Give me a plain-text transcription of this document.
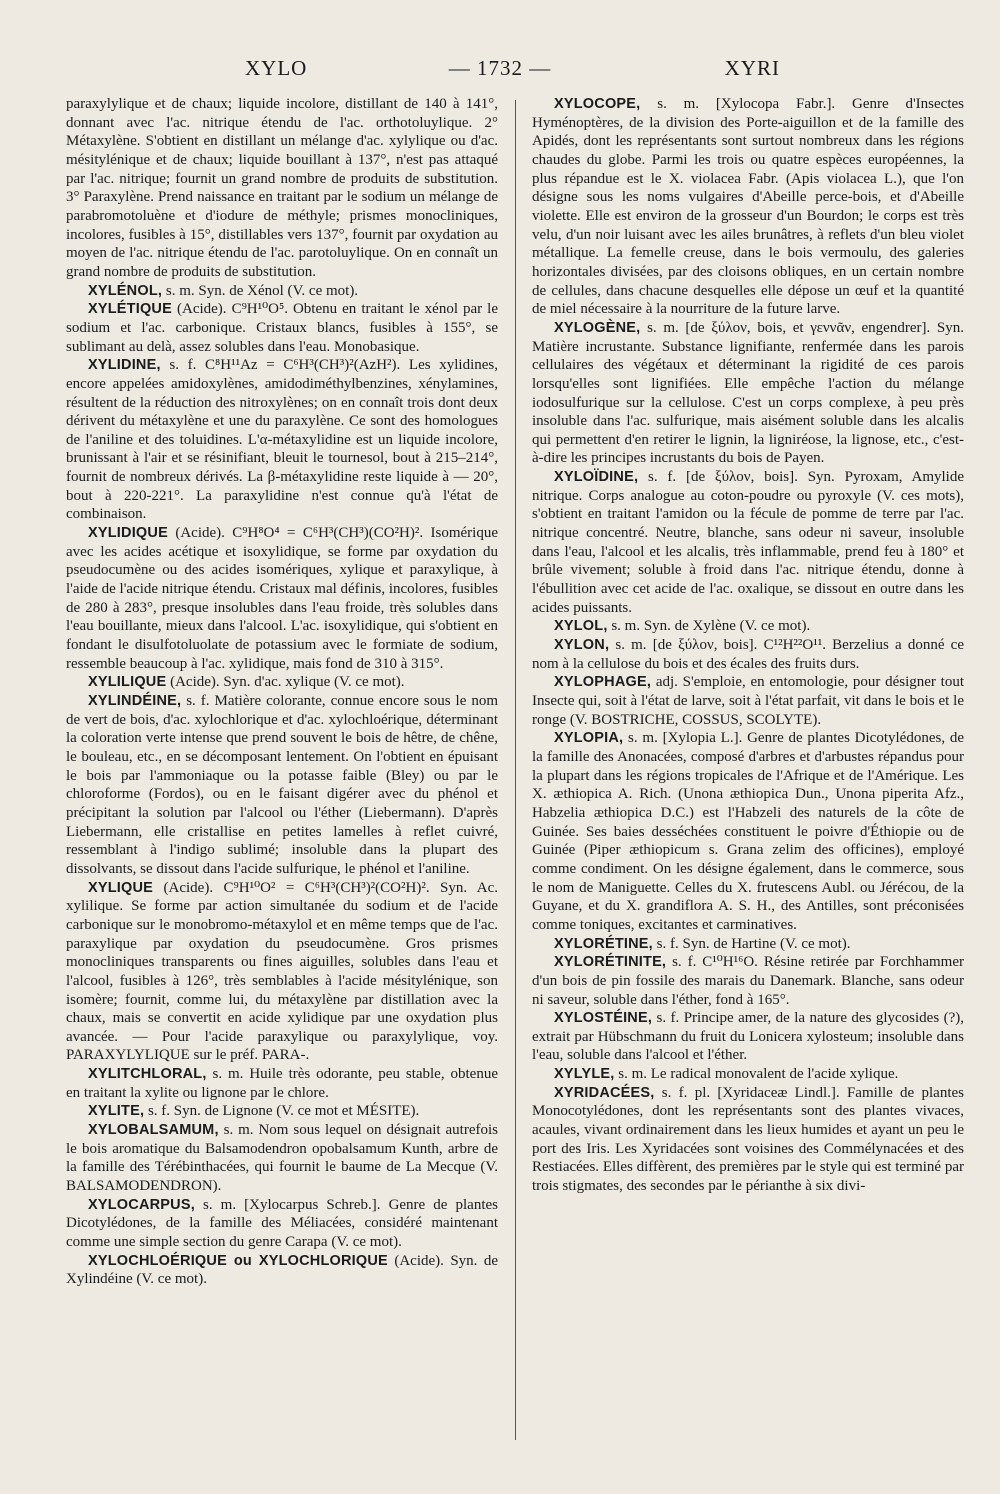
XYLO	— 1732 —	XYRI

paraxylylique et de chaux; liquide incolore, distillant de 140 à 141°, donnant avec l'ac. nitrique étendu de l'ac. orthotoluylique. 2° Métaxylène. S'obtient en distillant un mélange d'ac. xylylique ou d'ac. mésitylénique et de chaux; liquide bouillant à 137°, n'est pas attaqué par l'ac. nitrique; fournit un grand nombre de produits de substitution. 3° Paraxylène. Prend naissance en traitant par le sodium un mélange de parabromotoluène et d'iodure de méthyle; prismes monocliniques, incolores, fusibles à 15°, distillables vers 137°, fournit par oxydation au moyen de l'ac. nitrique étendu de l'ac. parotoluylique. On en connaît un grand nombre de produits de substitution.

XYLÉNOL, s. m. Syn. de Xénol (V. ce mot).

XYLÉTIQUE (Acide). C⁹H¹⁰O⁵. Obtenu en traitant le xénol par le sodium et l'ac. carbonique. Cristaux blancs, fusibles à 155°, se sublimant au delà, assez solubles dans l'eau. Monobasique.

XYLIDINE, s. f. C⁸H¹¹Az = C⁶H³(CH³)²(AzH²). Les xylidines, encore appelées amidoxylènes, amidodiméthylbenzines, xénylamines, résultent de la réduction des nitroxylènes; on en connaît trois dont deux dérivent du métaxylène et une du paraxylène. Ce sont des homologues de l'aniline et des toluidines. L'α-métaxylidine est un liquide incolore, brunissant à l'air et se résinifiant, bleuit le tournesol, bout à 215–214°, fournit de nombreux dérivés. La β-métaxylidine reste liquide à — 20°, bout à 220-221°. La paraxylidine n'est connue qu'à l'état de combinaison.

XYLIDIQUE (Acide). C⁹H⁸O⁴ = C⁶H³(CH³)(CO²H)². Isomérique avec les acides acétique et isoxylidique, se forme par oxydation du pseudocumène ou des acides isomériques, xylique et paraxylique, à l'aide de l'acide nitrique étendu. Cristaux mal définis, incolores, fusibles de 280 à 283°, presque insolubles dans l'eau froide, très solubles dans l'eau bouillante, mieux dans l'alcool. L'ac. isoxylidique, qui s'obtient en fondant le disulfotoluolate de potassium avec le formiate de sodium, ressemble beaucoup à l'ac. xylidique, mais fond de 310 à 315°.

XYLILIQUE (Acide). Syn. d'ac. xylique (V. ce mot).

XYLINDÉINE, s. f. Matière colorante, connue encore sous le nom de vert de bois, d'ac. xylochlorique et d'ac. xylochloérique, déterminant la coloration verte intense que prend souvent le bois de hêtre, de chêne, le bouleau, etc., en se décomposant lentement. On l'obtient en épuisant le bois par l'ammoniaque ou la potasse faible (Bley) ou par le chloroforme (Fordos), ou en le faisant digérer avec du phénol et précipitant la solution par l'alcool ou l'éther (Liebermann). D'après Liebermann, elle cristallise en petites lamelles à reflet cuivré, ressemblant à l'indigo sublimé; insoluble dans la plupart des dissolvants, se dissout dans l'acide sulfurique, le phénol et l'aniline.

XYLIQUE (Acide). C⁹H¹⁰O² = C⁶H³(CH³)²(CO²H)². Syn. Ac. xylilique. Se forme par action simultanée du sodium et de l'acide carbonique sur le monobromo-métaxylol et en même temps que de l'ac. paraxylique par oxydation du pseudocumène. Gros prismes monocliniques transparents ou fines aiguilles, solubles dans l'eau et l'alcool, fusibles à 126°, très semblables à l'acide mésitylénique, son isomère; fournit, comme lui, du métaxylène par distillation avec la chaux, mais se convertit en acide xylidique par une oxydation plus avancée. — Pour l'acide paraxylique ou paraxylylique, voy. PARAXYLYLIQUE sur le préf. PARA-.

XYLITCHLORAL, s. m. Huile très odorante, peu stable, obtenue en traitant la xylite ou lignone par le chlore.

XYLITE, s. f. Syn. de Lignone (V. ce mot et MÉSITE).

XYLOBALSAMUM, s. m. Nom sous lequel on désignait autrefois le bois aromatique du Balsamodendron opobalsamum Kunth, arbre de la famille des Térébinthacées, qui fournit le baume de La Mecque (V. BALSAMODENDRON).

XYLOCARPUS, s. m. [Xylocarpus Schreb.]. Genre de plantes Dicotylédones, de la famille des Méliacées, considéré maintenant comme une simple section du genre Carapa (V. ce mot).

XYLOCHLOÉRIQUE ou XYLOCHLORIQUE (Acide). Syn. de Xylindéine (V. ce mot).

XYLOCOPE, s. m. [Xylocopa Fabr.]. Genre d'Insectes Hyménoptères, de la division des Porte-aiguillon et de la famille des Apidés, dont les représentants sont surtout nombreux dans les régions chaudes du globe. Parmi les trois ou quatre espèces européennes, la plus répandue est le X. violacea Fabr. (Apis violacea L.), que l'on désigne sous les noms vulgaires d'Abeille perce-bois, et d'Abeille violette. Elle est environ de la grosseur d'un Bourdon; le corps est très velu, d'un noir luisant avec les ailes brunâtres, à reflets d'un bleu violet métallique. La femelle creuse, dans le bois vermoulu, des galeries horizontales divisées, par des cloisons obliques, en un certain nombre de cellules, dans chacune desquelles elle dépose un œuf et la quantité de miel nécessaire à la nourriture de la future larve.

XYLOGÈNE, s. m. [de ξύλον, bois, et γεννᾶν, engendrer]. Syn. Matière incrustante. Substance lignifiante, renfermée dans les parois cellulaires des végétaux et déterminant la rigidité de ces parois lorsqu'elles sont lignifiées. Elle empêche l'action du mélange iodosulfurique sur la cellulose. C'est un corps complexe, à peu près insoluble dans l'ac. sulfurique, mais aisément soluble dans les alcalis qui permettent d'en retirer le lignin, la ligniréose, la lignose, etc., c'est-à-dire les principes incrustants du bois de Payen.

XYLOÏDINE, s. f. [de ξύλον, bois]. Syn. Pyroxam, Amylide nitrique. Corps analogue au coton-poudre ou pyroxyle (V. ces mots), s'obtient en traitant l'amidon ou la fécule de pomme de terre par l'ac. nitrique concentré. Neutre, blanche, sans odeur ni saveur, insoluble dans l'eau, l'alcool et les alcalis, très inflammable, prend feu à 180° et brûle vivement; soluble à froid dans l'ac. nitrique étendu, donne à l'ébullition avec cet acide de l'ac. oxalique, se dissout en outre dans les acides puissants.

XYLOL, s. m. Syn. de Xylène (V. ce mot).

XYLON, s. m. [de ξύλον, bois]. C¹²H²²O¹¹. Berzelius a donné ce nom à la cellulose du bois et des écales des fruits durs.

XYLOPHAGE, adj. S'emploie, en entomologie, pour désigner tout Insecte qui, soit à l'état de larve, soit à l'état parfait, vit dans le bois et le ronge (V. BOSTRICHE, COSSUS, SCOLYTE).

XYLOPIA, s. m. [Xylopia L.]. Genre de plantes Dicotylédones, de la famille des Anonacées, composé d'arbres et d'arbustes répandus pour la plupart dans les régions tropicales de l'Afrique et de l'Amérique. Les X. æthiopica A. Rich. (Unona æthiopica Dun., Unona piperita Afz., Habzelia æthiopica D.C.) est l'Habzeli des naturels de la côte de Guinée. Ses baies desséchées constituent le poivre d'Éthiopie ou de Guinée (Piper æthiopicum s. Grana zelim des officines), employé comme condiment. On les désigne également, dans le commerce, sous le nom de Maniguette. Celles du X. frutescens Aubl. ou Jérécou, de la Guyane, et du X. grandiflora A. S. H., des Antilles, sont préconisées comme toniques, excitantes et carminatives.

XYLORÉTINE, s. f. Syn. de Hartine (V. ce mot).

XYLORÉTINITE, s. f. C¹⁰H¹⁶O. Résine retirée par Forchhammer d'un bois de pin fossile des marais du Danemark. Blanche, sans odeur ni saveur, soluble dans l'éther, fond à 165°.

XYLOSTÉINE, s. f. Principe amer, de la nature des glycosides (?), extrait par Hübschmann du fruit du Lonicera xylosteum; insoluble dans l'eau, soluble dans l'alcool et l'éther.

XYLYLE, s. m. Le radical monovalent de l'acide xylique.

XYRIDACÉES, s. f. pl. [Xyridaceæ Lindl.]. Famille de plantes Monocotylédones, dont les représentants sont des plantes vivaces, acaules, vivant ordinairement dans les lieux humides et ayant un peu le port des Iris. Les Xyridacées sont voisines des Commélynacées et des Restiacées. Elles diffèrent, des premières par le style qui est terminé par trois stigmates, des secondes par le périanthe à six divi-
